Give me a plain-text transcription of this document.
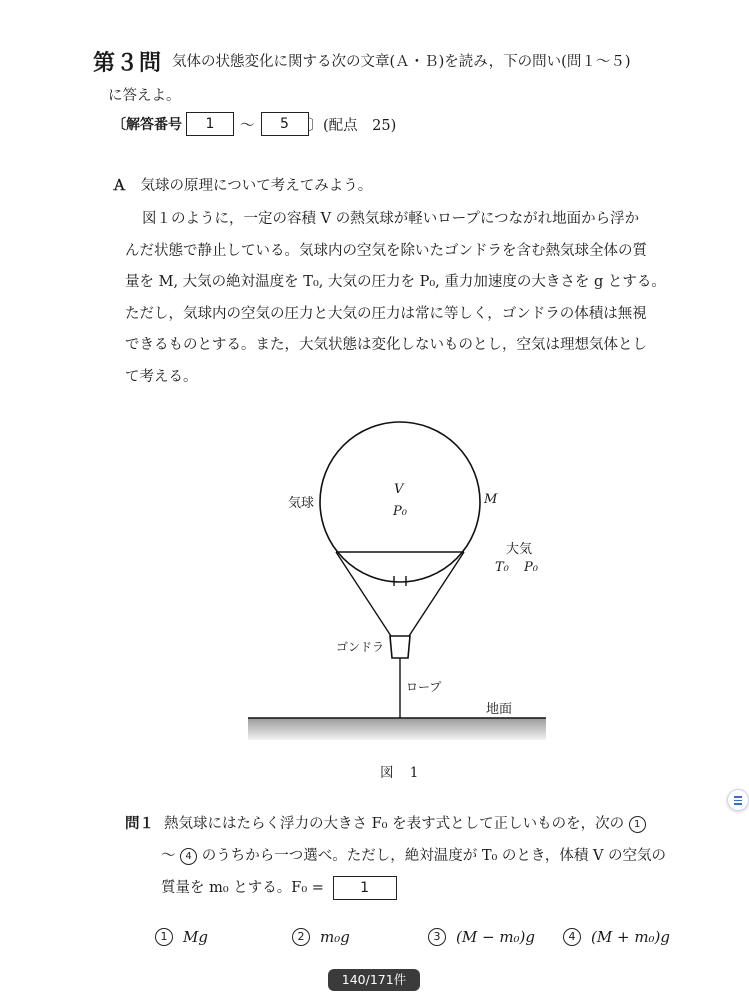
第３問 気体の状態変化に関する次の文章(Ａ・Ｂ)を読み，下の問い(問１～５)
に答えよ。
〔解答番号	1	～	5	〕(配点　25)
Ａ 気球の原理について考えてみよう。
図１のように，一定の容積 V の熱気球が軽いロープにつながれ地面から浮か
んだ状態で静止している。気球内の空気を除いたゴンドラを含む熱気球全体の質
量を M, 大気の絶対温度を T₀, 大気の圧力を P₀, 重力加速度の大きさを g とする。
ただし，気球内の空気の圧力と大気の圧力は常に等しく，ゴンドラの体積は無視
できるものとする。また，大気状態は変化しないものとし，空気は理想気体とし
て考える。
気球
V
P₀
M
大気
T₀ P₀
ゴンドラ
ロープ
地面
図 1
問１ 熱気球にはたらく浮力の大きさ F₀ を表す式として正しいものを，次の 1
～ 4 のうちから一つ選べ。ただし，絶対温度が T₀ のとき，体積 V の空気の
質量を m₀ とする。F₀ =	1
1	Mg	2	m₀g	3	(M − m₀)g	4	(M + m₀)g
140/171件
